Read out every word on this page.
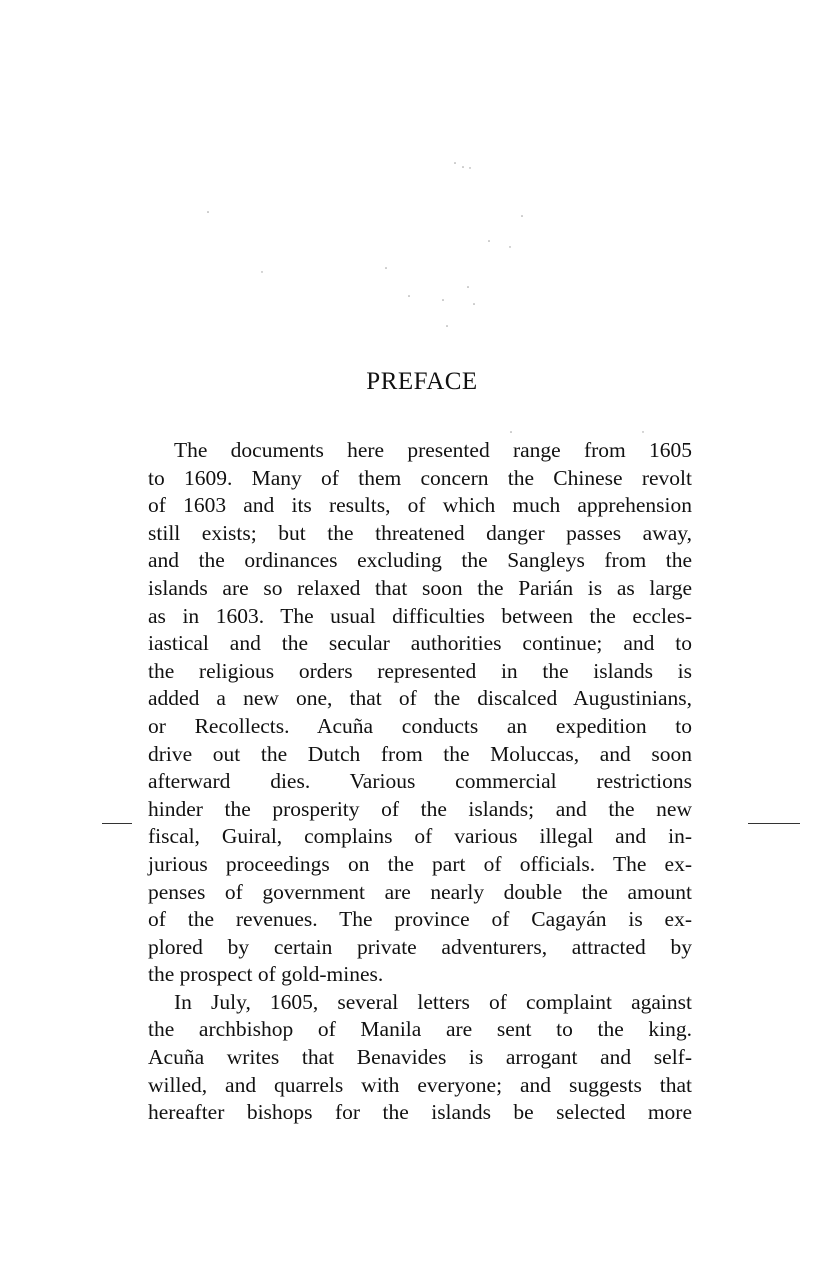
PREFACE
The documents here presented range from 1605
to 1609. Many of them concern the Chinese revolt
of 1603 and its results, of which much apprehension
still exists; but the threatened danger passes away,
and the ordinances excluding the Sangleys from the
islands are so relaxed that soon the Parián is as large
as in 1603. The usual difficulties between the eccles-
iastical and the secular authorities continue; and to
the religious orders represented in the islands is
added a new one, that of the discalced Augustinians,
or Recollects. Acuña conducts an expedition to
drive out the Dutch from the Moluccas, and soon
afterward dies. Various commercial restrictions
hinder the prosperity of the islands; and the new
fiscal, Guiral, complains of various illegal and in-
jurious proceedings on the part of officials. The ex-
penses of government are nearly double the amount
of the revenues. The province of Cagayán is ex-
plored by certain private adventurers, attracted by
the prospect of gold-mines.
In July, 1605, several letters of complaint against
the archbishop of Manila are sent to the king.
Acuña writes that Benavides is arrogant and self-
willed, and quarrels with everyone; and suggests that
hereafter bishops for the islands be selected more
